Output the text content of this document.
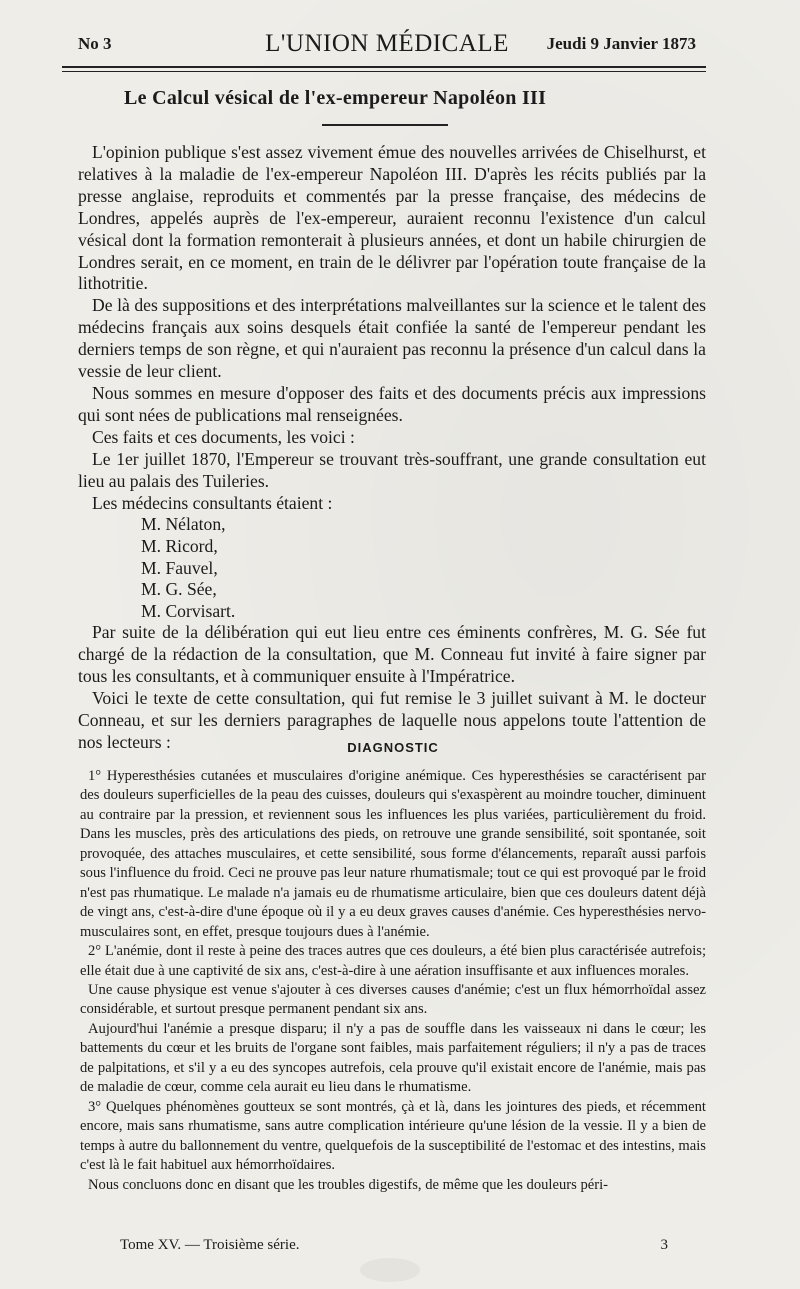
No 3	L'UNION MÉDICALE	Jeudi 9 Janvier 1873
Le Calcul vésical de l'ex-empereur Napoléon III

L'opinion publique s'est assez vivement émue des nouvelles arrivées de Chiselhurst, et relatives à la maladie de l'ex-empereur Napoléon III. D'après les récits publiés par la presse anglaise, reproduits et commentés par la presse française, des médecins de Londres, appelés auprès de l'ex-empereur, auraient reconnu l'existence d'un calcul vésical dont la formation remonterait à plusieurs années, et dont un habile chirurgien de Londres serait, en ce moment, en train de le délivrer par l'opération toute française de la lithotritie.

De là des suppositions et des interprétations malveillantes sur la science et le talent des médecins français aux soins desquels était confiée la santé de l'empereur pendant les derniers temps de son règne, et qui n'auraient pas reconnu la présence d'un calcul dans la vessie de leur client.

Nous sommes en mesure d'opposer des faits et des documents précis aux impressions qui sont nées de publications mal renseignées.

Ces faits et ces documents, les voici :

Le 1er juillet 1870, l'Empereur se trouvant très-souffrant, une grande consultation eut lieu au palais des Tuileries.

Les médecins consultants étaient :

M. Nélaton,
M. Ricord,
M. Fauvel,
M. G. Sée,
M. Corvisart.

Par suite de la délibération qui eut lieu entre ces éminents confrères, M. G. Sée fut chargé de la rédaction de la consultation, que M. Conneau fut invité à faire signer par tous les consultants, et à communiquer ensuite à l'Impératrice.

Voici le texte de cette consultation, qui fut remise le 3 juillet suivant à M. le docteur Conneau, et sur les derniers paragraphes de laquelle nous appelons toute l'attention de nos lecteurs :	DIAGNOSTIC

1° Hyperesthésies cutanées et musculaires d'origine anémique. Ces hyperesthésies se caractérisent par des douleurs superficielles de la peau des cuisses, douleurs qui s'exaspèrent au moindre toucher, diminuent au contraire par la pression, et reviennent sous les influences les plus variées, particulièrement du froid. Dans les muscles, près des articulations des pieds, on retrouve une grande sensibilité, soit spontanée, soit provoquée, des attaches musculaires, et cette sensibilité, sous forme d'élancements, reparaît aussi parfois sous l'influence du froid. Ceci ne prouve pas leur nature rhumatismale; tout ce qui est provoqué par le froid n'est pas rhumatique. Le malade n'a jamais eu de rhumatisme articulaire, bien que ces douleurs datent déjà de vingt ans, c'est-à-dire d'une époque où il y a eu deux graves causes d'anémie. Ces hyperesthésies nervo-musculaires sont, en effet, presque toujours dues à l'anémie.

2° L'anémie, dont il reste à peine des traces autres que ces douleurs, a été bien plus caractérisée autrefois; elle était due à une captivité de six ans, c'est-à-dire à une aération insuffisante et aux influences morales.

Une cause physique est venue s'ajouter à ces diverses causes d'anémie; c'est un flux hémorrhoïdal assez considérable, et surtout presque permanent pendant six ans.

Aujourd'hui l'anémie a presque disparu; il n'y a pas de souffle dans les vaisseaux ni dans le cœur; les battements du cœur et les bruits de l'organe sont faibles, mais parfaitement réguliers; il n'y a pas de traces de palpitations, et s'il y a eu des syncopes autrefois, cela prouve qu'il existait encore de l'anémie, mais pas de maladie de cœur, comme cela aurait eu lieu dans le rhumatisme.

3° Quelques phénomènes goutteux se sont montrés, çà et là, dans les jointures des pieds, et récemment encore, mais sans rhumatisme, sans autre complication intérieure qu'une lésion de la vessie. Il y a bien de temps à autre du ballonnement du ventre, quelquefois de la susceptibilité de l'estomac et des intestins, mais c'est là le fait habituel aux hémorrhoïdaires.

Nous concluons donc en disant que les troubles digestifs, de même que les douleurs péri-

Tome XV. — Troisième série.	3
